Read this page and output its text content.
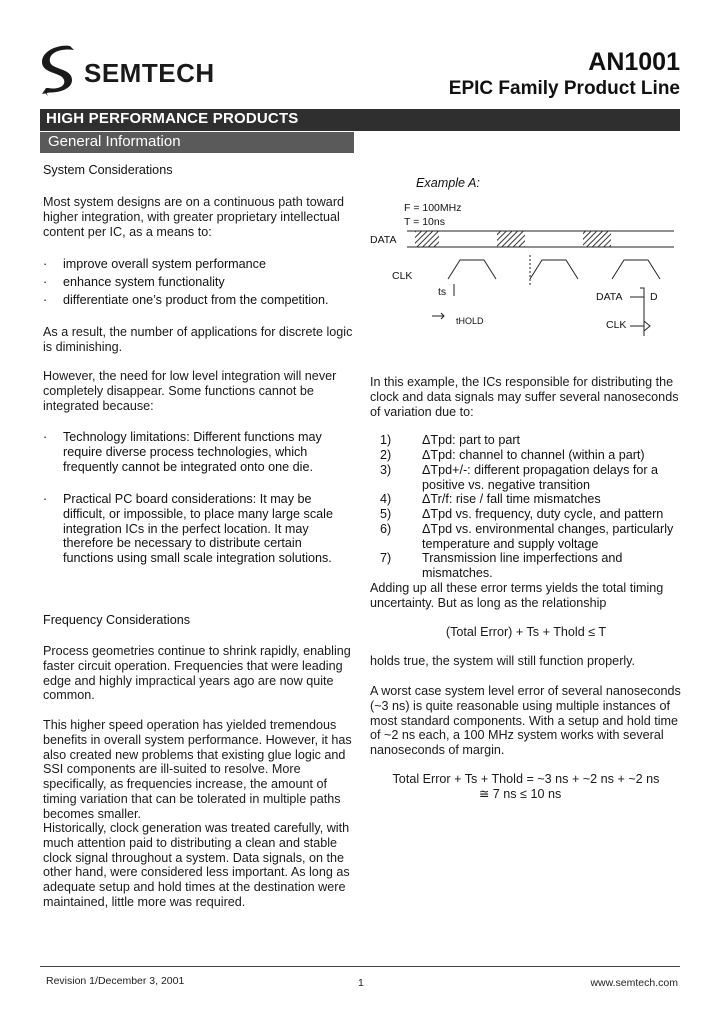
SEMTECH	AN1001
EPIC Family Product Line
HIGH PERFORMANCE PRODUCTS
General Information
System Considerations
Most system designs are on a continuous path toward higher integration, with greater proprietary intellectual content per IC, as a means to:
· improve overall system performance
· enhance system functionality
· differentiate one’s product from the competition.
As a result, the number of applications for discrete logic is diminishing.
However, the need for low level integration will never completely disappear. Some functions cannot be integrated because:
· Technology limitations: Different functions may require diverse process technologies, which frequently cannot be integrated onto one die.
· Practical PC board considerations: It may be difficult, or impossible, to place many large scale integration ICs in the perfect location. It may therefore be necessary to distribute certain functions using small scale integration solutions.
Frequency Considerations
Process geometries continue to shrink rapidly, enabling faster circuit operation. Frequencies that were leading edge and highly impractical years ago are now quite common.
This higher speed operation has yielded tremendous benefits in overall system performance. However, it has also created new problems that existing glue logic and SSI components are ill-suited to resolve. More specifically, as frequencies increase, the amount of timing variation that can be tolerated in multiple paths becomes smaller.
Historically, clock generation was treated carefully, with much attention paid to distributing a clean and stable clock signal throughout a system. Data signals, on the other hand, were considered less important. As long as adequate setup and hold times at the destination were maintained, little more was required.
Example A:
F = 100MHz
T = 10ns
DATA
CLK
ts
tHOLD
DATA	D
CLK
In this example, the ICs responsible for distributing the clock and data signals may suffer several nanoseconds of variation due to:
1) ΔTpd: part to part
2) ΔTpd: channel to channel (within a part)
3) ΔTpd+/-: different propagation delays for a positive vs. negative transition
4) ΔTr/f: rise / fall time mismatches
5) ΔTpd vs. frequency, duty cycle, and pattern
6) ΔTpd vs. environmental changes, particularly temperature and supply voltage
7) Transmission line imperfections and mismatches.
Adding up all these error terms yields the total timing uncertainty. But as long as the relationship
(Total Error) + Ts + Thold ≤ T
holds true, the system will still function properly.
A worst case system level error of several nanoseconds (~3 ns) is quite reasonable using multiple instances of most standard components. With a setup and hold time of ~2 ns each, a 100 MHz system works with several nanoseconds of margin.
Total Error + Ts + Thold = ~3 ns + ~2 ns + ~2 ns
≅ 7 ns ≤ 10 ns
Revision 1/December 3, 2001	1	www.semtech.com
